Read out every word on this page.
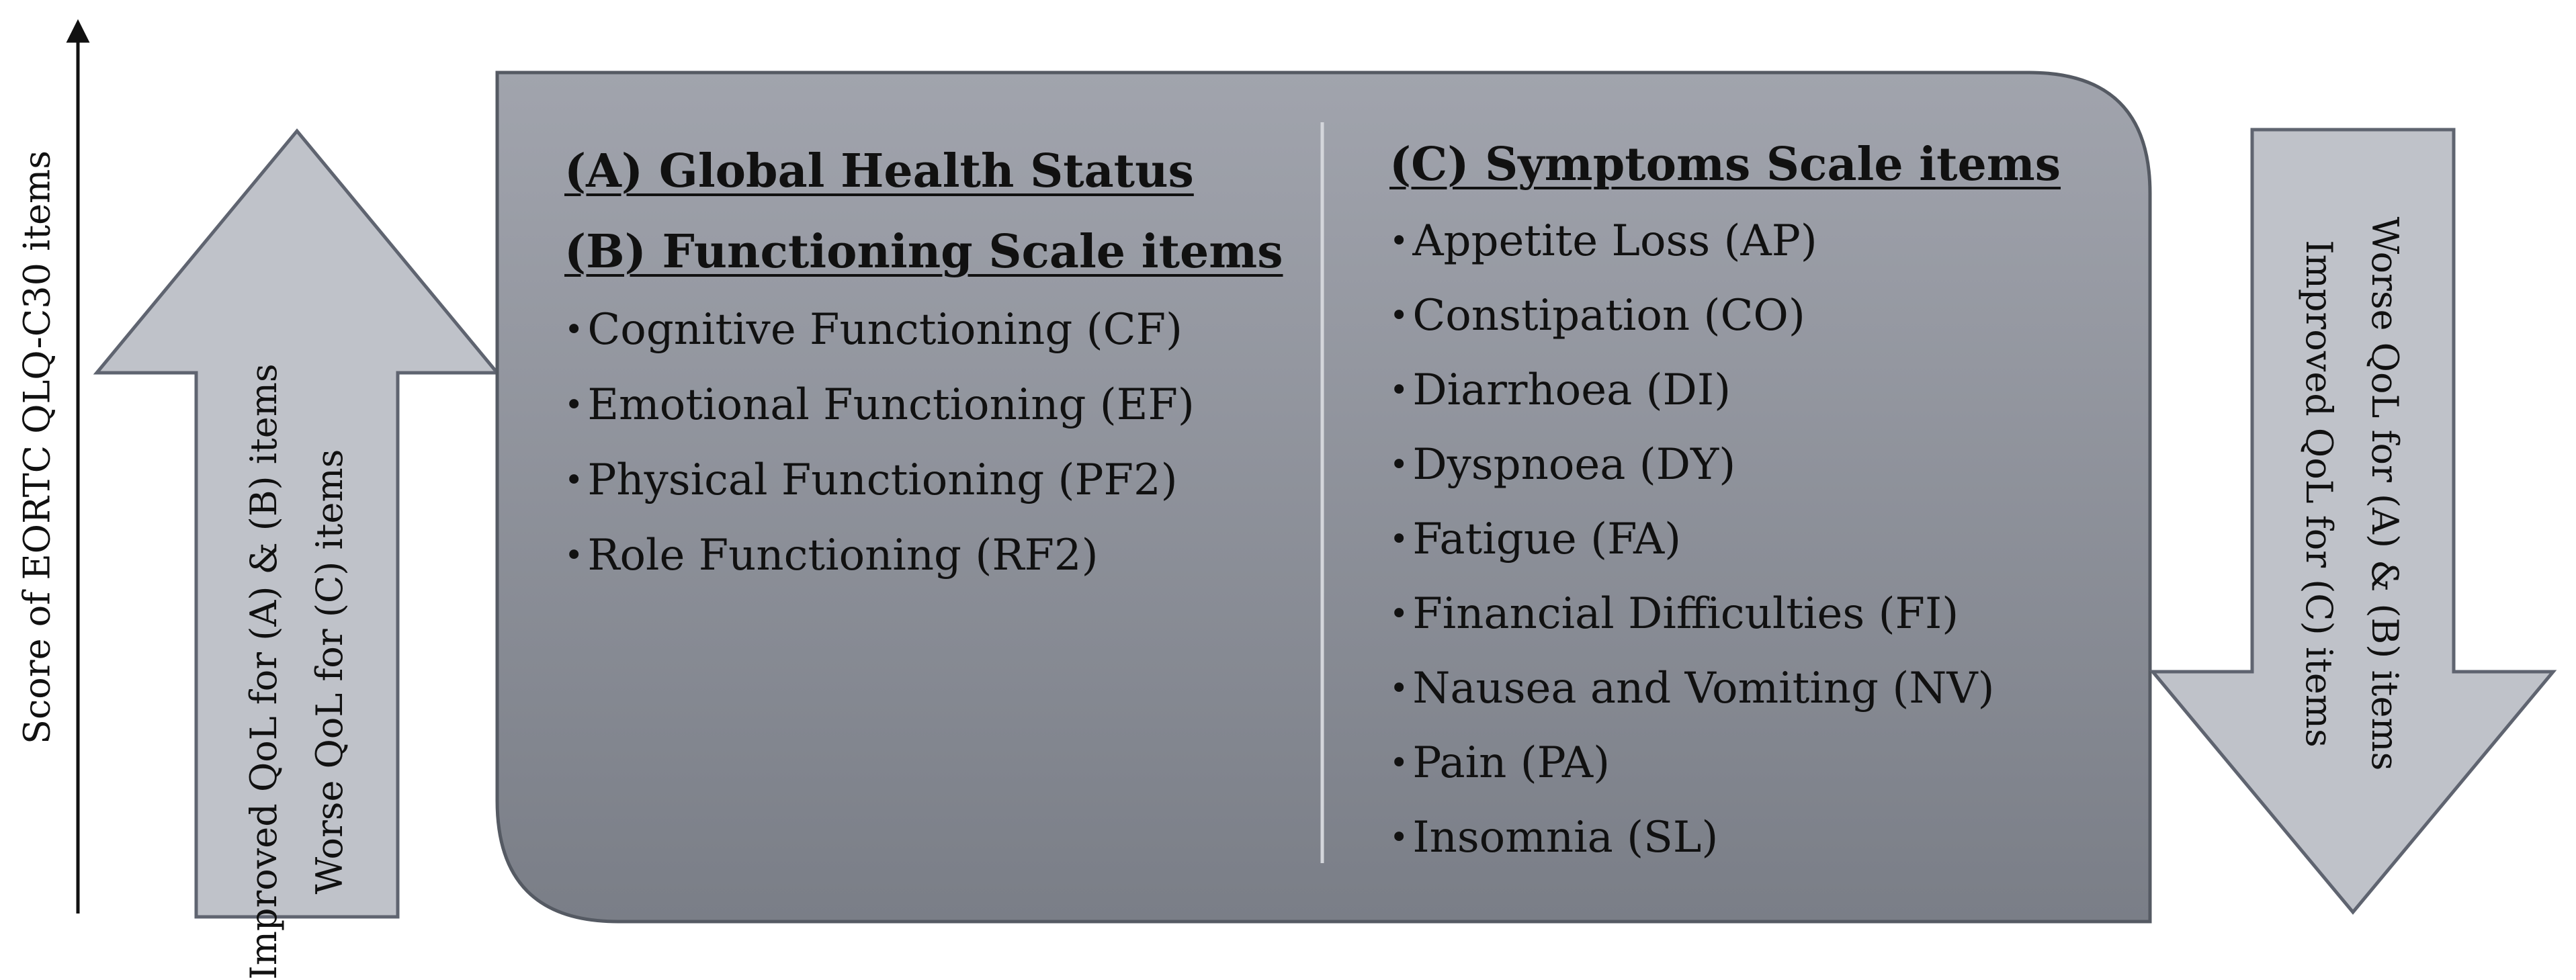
Score of EORTC QLQ-C30 items	Improved QoL for (A) & (B) items Worse QoL for (C) items	Worse QoL for (A) & (B) items
Improved QoL for (C) items
(A) Global Health Status
(B) Functioning Scale items
• Cognitive Functioning (CF)
• Emotional Functioning (EF)
• Physical Functioning (PF2)
• Role Functioning (RF2)
(C) Symptoms Scale items
• Appetite Loss (AP)
• Constipation (CO)
• Diarrhoea (DI)
• Dyspnoea (DY)
• Fatigue (FA)
• Financial Difficulties (FI)
• Nausea and Vomiting (NV)
• Pain (PA)
• Insomnia (SL)
